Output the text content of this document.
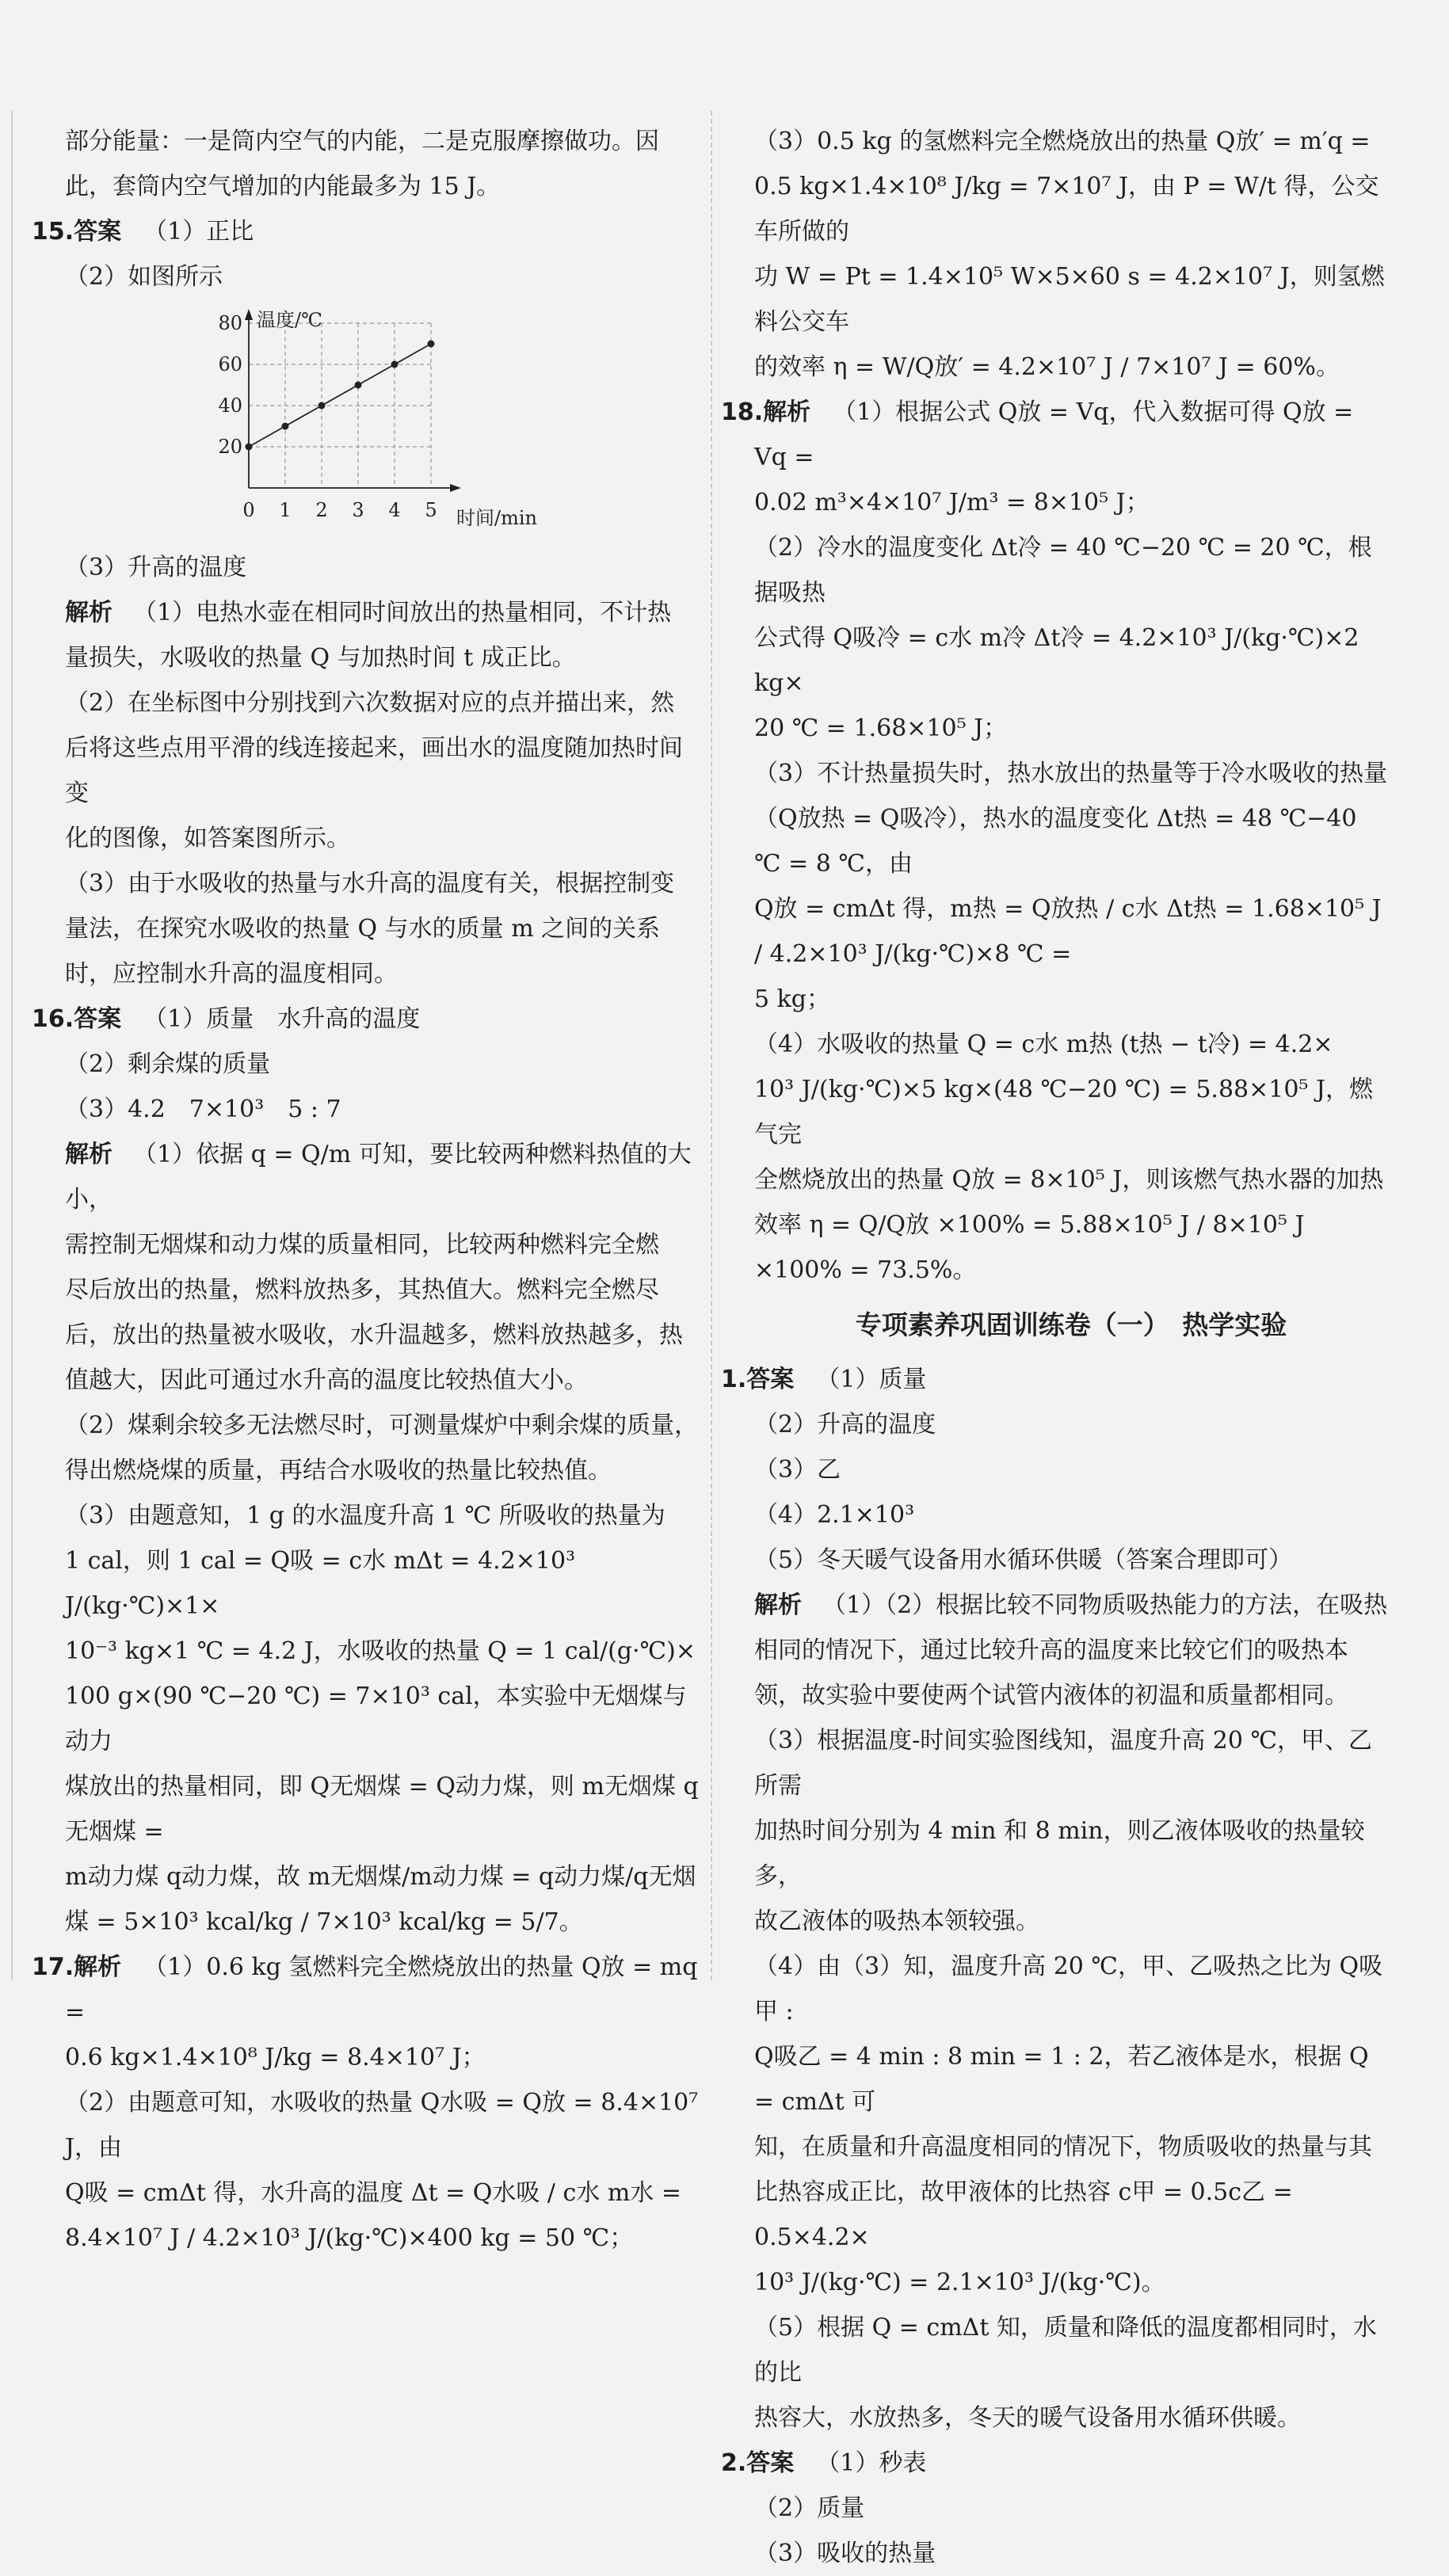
部分能量：一是筒内空气的内能，二是克服摩擦做功。因

此，套筒内空气增加的内能最多为 15 J。

15.答案 （1）正比

（2）如图所示

20
40
60
80
0 1 2 3 4 5
温度/℃
时间/min

（3）升高的温度

解析 （1）电热水壶在相同时间放出的热量相同，不计热

量损失，水吸收的热量 Q 与加热时间 t 成正比。

（2）在坐标图中分别找到六次数据对应的点并描出来，然

后将这些点用平滑的线连接起来，画出水的温度随加热时间变

化的图像，如答案图所示。

（3）由于水吸收的热量与水升高的温度有关，根据控制变

量法，在探究水吸收的热量 Q 与水的质量 m 之间的关系

时，应控制水升高的温度相同。

16.答案 （1）质量　水升高的温度

（2）剩余煤的质量

（3）4.2　7×10³　5 : 7

解析 （1）依据 q = Q/m 可知，要比较两种燃料热值的大小，

需控制无烟煤和动力煤的质量相同，比较两种燃料完全燃

尽后放出的热量，燃料放热多，其热值大。燃料完全燃尽

后，放出的热量被水吸收，水升温越多，燃料放热越多，热

值越大，因此可通过水升高的温度比较热值大小。

（2）煤剩余较多无法燃尽时，可测量煤炉中剩余煤的质量，

得出燃烧煤的质量，再结合水吸收的热量比较热值。

（3）由题意知，1 g 的水温度升高 1 ℃ 所吸收的热量为

1 cal，则 1 cal = Q吸 = c水 mΔt = 4.2×10³ J/(kg·℃)×1×

10⁻³ kg×1 ℃ = 4.2 J，水吸收的热量 Q = 1 cal/(g·℃)×

100 g×(90 ℃−20 ℃) = 7×10³ cal，本实验中无烟煤与动力

煤放出的热量相同，即 Q无烟煤 = Q动力煤，则 m无烟煤 q无烟煤 =

m动力煤 q动力煤，故 m无烟煤/m动力煤 = q动力煤/q无烟煤 = 5×10³ kcal/kg / 7×10³ kcal/kg = 5/7。

17.解析 （1）0.6 kg 氢燃料完全燃烧放出的热量 Q放 = mq =

0.6 kg×1.4×10⁸ J/kg = 8.4×10⁷ J；

（2）由题意可知，水吸收的热量 Q水吸 = Q放 = 8.4×10⁷ J，由

Q吸 = cmΔt 得，水升高的温度 Δt = Q水吸 / c水 m水 =

8.4×10⁷ J / 4.2×10³ J/(kg·℃)×400 kg = 50 ℃；

（3）0.5 kg 的氢燃料完全燃烧放出的热量 Q放′ = m′q =

0.5 kg×1.4×10⁸ J/kg = 7×10⁷ J，由 P = W/t 得，公交车所做的

功 W = Pt = 1.4×10⁵ W×5×60 s = 4.2×10⁷ J，则氢燃料公交车

的效率 η = W/Q放′ = 4.2×10⁷ J / 7×10⁷ J = 60%。

18.解析 （1）根据公式 Q放 = Vq，代入数据可得 Q放 = Vq =

0.02 m³×4×10⁷ J/m³ = 8×10⁵ J；

（2）冷水的温度变化 Δt冷 = 40 ℃−20 ℃ = 20 ℃，根据吸热

公式得 Q吸冷 = c水 m冷 Δt冷 = 4.2×10³ J/(kg·℃)×2 kg×

20 ℃ = 1.68×10⁵ J；

（3）不计热量损失时，热水放出的热量等于冷水吸收的热量

（Q放热 = Q吸冷），热水的温度变化 Δt热 = 48 ℃−40 ℃ = 8 ℃，由

Q放 = cmΔt 得，m热 = Q放热 / c水 Δt热 = 1.68×10⁵ J / 4.2×10³ J/(kg·℃)×8 ℃ =

5 kg；

（4）水吸收的热量 Q = c水 m热 (t热 − t冷) = 4.2×

10³ J/(kg·℃)×5 kg×(48 ℃−20 ℃) = 5.88×10⁵ J，燃气完

全燃烧放出的热量 Q放 = 8×10⁵ J，则该燃气热水器的加热

效率 η = Q/Q放 ×100% = 5.88×10⁵ J / 8×10⁵ J ×100% = 73.5%。

专项素养巩固训练卷（一）　热学实验

1.答案 （1）质量

（2）升高的温度

（3）乙

（4）2.1×10³

（5）冬天暖气设备用水循环供暖（答案合理即可）

解析 （1）（2）根据比较不同物质吸热能力的方法，在吸热

相同的情况下，通过比较升高的温度来比较它们的吸热本

领，故实验中要使两个试管内液体的初温和质量都相同。

（3）根据温度-时间实验图线知，温度升高 20 ℃，甲、乙所需

加热时间分别为 4 min 和 8 min，则乙液体吸收的热量较多，

故乙液体的吸热本领较强。

（4）由（3）知，温度升高 20 ℃，甲、乙吸热之比为 Q吸甲 :

Q吸乙 = 4 min : 8 min = 1 : 2，若乙液体是水，根据 Q = cmΔt 可

知，在质量和升高温度相同的情况下，物质吸收的热量与其

比热容成正比，故甲液体的比热容 c甲 = 0.5c乙 = 0.5×4.2×

10³ J/(kg·℃) = 2.1×10³ J/(kg·℃)。

（5）根据 Q = cmΔt 知，质量和降低的温度都相同时，水的比

热容大，水放热多，冬天的暖气设备用水循环供暖。

2.答案 （1）秒表

（2）质量

（3）吸收的热量
